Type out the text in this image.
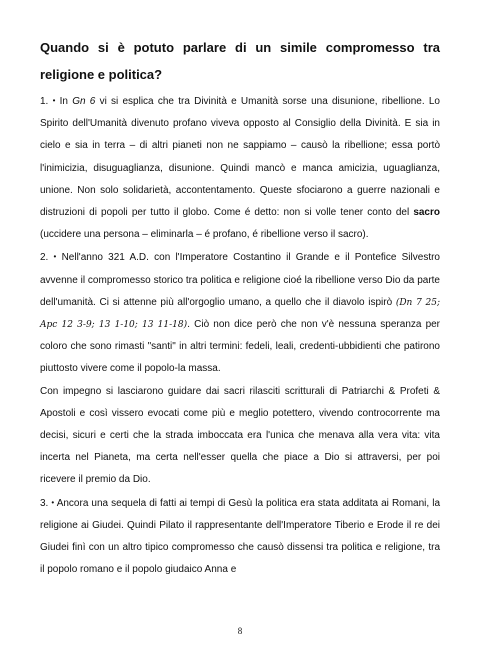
Quando si è potuto parlare di un simile compromesso tra religione e politica?

1. • In Gn 6 vi si esplica che tra Divinità e Umanità sorse una disunione, ribellione. Lo Spirito dell'Umanità divenuto profano viveva opposto al Consiglio della Divinità. E sia in cielo e sia in terra – di altri pianeti non ne sappiamo – causò la ribellione; essa portò l'inimicizia, disuguaglianza, disunione. Quindi mancò e manca amicizia, uguaglianza, unione. Non solo solidarietà, accontentamento. Queste sfociarono a guerre nazionali e distruzioni di popoli per tutto il globo. Come é detto: non si volle tener conto del sacro (uccidere una persona – eliminarla – é profano, é ribellione verso il sacro).

2. • Nell'anno 321 A.D. con l'Imperatore Costantino il Grande e il Pontefice Silvestro avvenne il compromesso storico tra politica e religione cioé la ribellione verso Dio da parte dell'umanità. Ci si attenne più all'orgoglio umano, a quello che il diavolo ispirò (Dn 7 25; Apc 12 3-9; 13 1-10; 13 11-18). Ciò non dice però che non v'è nessuna speranza per coloro che sono rimasti "santi" in altri termini: fedeli, leali, credenti-ubbidienti che patirono piuttosto vivere come il popolo-la massa.

Con impegno si lasciarono guidare dai sacri rilasciti scritturali di Patriarchi & Profeti & Apostoli e così vissero evocati come più e meglio potettero, vivendo controcorrente ma decisi, sicuri e certi che la strada imboccata era l'unica che menava alla vera vita: vita incerta nel Pianeta, ma certa nell'esser quella che piace a Dio si attraversi, per poi ricevere il premio da Dio.

3. • Ancora una sequela di fatti ai tempi di Gesù la politica era stata additata ai Romani, la religione ai Giudei. Quindi Pilato il rappresentante dell'Imperatore Tiberio e Erode il re dei Giudei finì con un altro tipico compromesso che causò dissensi tra politica e religione, tra il popolo romano e il popolo giudaico Anna e

8
